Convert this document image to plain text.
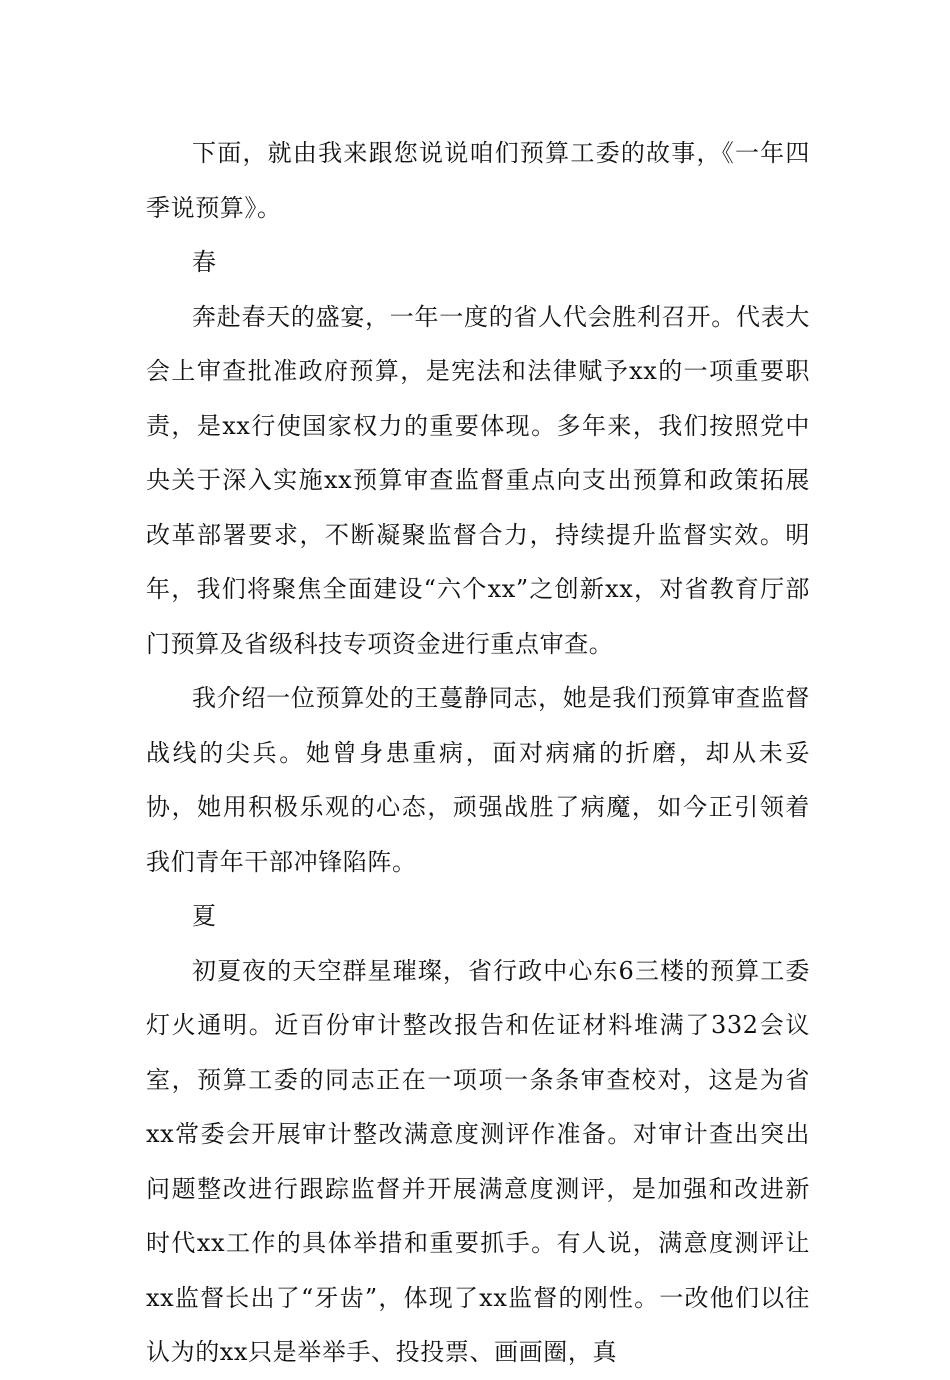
下面，就由我来跟您说说咱们预算工委的故事，《一年四季说预算》。

春

奔赴春天的盛宴，一年一度的省人代会胜利召开。代表大会上审查批准政府预算，是宪法和法律赋予xx的一项重要职责，是xx行使国家权力的重要体现。多年来，我们按照党中央关于深入实施xx预算审查监督重点向支出预算和政策拓展改革部署要求，不断凝聚监督合力，持续提升监督实效。明年，我们将聚焦全面建设“六个xx”之创新xx，对省教育厅部门预算及省级科技专项资金进行重点审查。

我介绍一位预算处的王蔓静同志，她是我们预算审查监督战线的尖兵。她曾身患重病，面对病痛的折磨，却从未妥协，她用积极乐观的心态，顽强战胜了病魔，如今正引领着我们青年干部冲锋陷阵。

夏

初夏夜的天空群星璀璨，省行政中心东6三楼的预算工委灯火通明。近百份审计整改报告和佐证材料堆满了332会议室，预算工委的同志正在一项项一条条审查校对，这是为省xx常委会开展审计整改满意度测评作准备。对审计查出突出问题整改进行跟踪监督并开展满意度测评，是加强和改进新时代xx工作的具体举措和重要抓手。有人说，满意度测评让xx监督长出了“牙齿”，体现了xx监督的刚性。一改他们以往认为的xx只是举举手、投投票、画画圈，真
